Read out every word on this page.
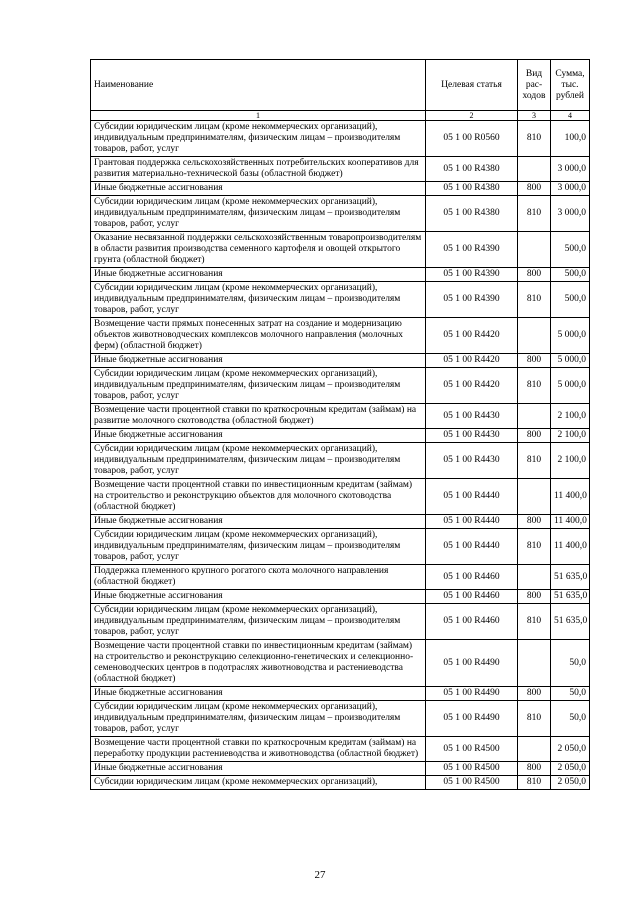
Наименование	Целевая статья	Вид рас-ходов	Сумма, тыс. рублей
1	2	3	4
Субсидии юридическим лицам (кроме некоммерческих организаций), индивидуальным предпринимателям, физическим лицам – производителям товаров, работ, услуг	05 1 00 R0560	810	100,0
Грантовая поддержка сельскохозяйственных потребительских кооперативов для развития материально-технической базы (областной бюджет)	05 1 00 R4380		3 000,0
Иные бюджетные ассигнования	05 1 00 R4380	800	3 000,0
Субсидии юридическим лицам (кроме некоммерческих организаций), индивидуальным предпринимателям, физическим лицам – производителям товаров, работ, услуг	05 1 00 R4380	810	3 000,0
Оказание несвязанной поддержки сельскохозяйственным товаропроизводителям в области развития производства семенного картофеля и овощей открытого грунта (областной бюджет)	05 1 00 R4390		500,0
Иные бюджетные ассигнования	05 1 00 R4390	800	500,0
Субсидии юридическим лицам (кроме некоммерческих организаций), индивидуальным предпринимателям, физическим лицам – производителям товаров, работ, услуг	05 1 00 R4390	810	500,0
Возмещение части прямых понесенных затрат на создание и модернизацию объектов животноводческих комплексов молочного направления (молочных ферм) (областной бюджет)	05 1 00 R4420		5 000,0
Иные бюджетные ассигнования	05 1 00 R4420	800	5 000,0
Субсидии юридическим лицам (кроме некоммерческих организаций), индивидуальным предпринимателям, физическим лицам – производителям товаров, работ, услуг	05 1 00 R4420	810	5 000,0
Возмещение части процентной ставки по краткосрочным кредитам (займам) на развитие молочного скотоводства (областной бюджет)	05 1 00 R4430		2 100,0
Иные бюджетные ассигнования	05 1 00 R4430	800	2 100,0
Субсидии юридическим лицам (кроме некоммерческих организаций), индивидуальным предпринимателям, физическим лицам – производителям товаров, работ, услуг	05 1 00 R4430	810	2 100,0
Возмещение части процентной ставки по инвестиционным кредитам (займам) на строительство и реконструкцию объектов для молочного скотоводства (областной бюджет)	05 1 00 R4440		11 400,0
Иные бюджетные ассигнования	05 1 00 R4440	800	11 400,0
Субсидии юридическим лицам (кроме некоммерческих организаций), индивидуальным предпринимателям, физическим лицам – производителям товаров, работ, услуг	05 1 00 R4440	810	11 400,0
Поддержка племенного крупного рогатого скота молочного направления (областной бюджет)	05 1 00 R4460		51 635,0
Иные бюджетные ассигнования	05 1 00 R4460	800	51 635,0
Субсидии юридическим лицам (кроме некоммерческих организаций), индивидуальным предпринимателям, физическим лицам – производителям товаров, работ, услуг	05 1 00 R4460	810	51 635,0
Возмещение части процентной ставки по инвестиционным кредитам (займам) на строительство и реконструкцию селекционно-генетических и селекционно-семеноводческих центров в подотраслях животноводства и растениеводства (областной бюджет)	05 1 00 R4490		50,0
Иные бюджетные ассигнования	05 1 00 R4490	800	50,0
Субсидии юридическим лицам (кроме некоммерческих организаций), индивидуальным предпринимателям, физическим лицам – производителям товаров, работ, услуг	05 1 00 R4490	810	50,0
Возмещение части процентной ставки по краткосрочным кредитам (займам) на переработку продукции растениеводства и животноводства (областной бюджет)	05 1 00 R4500		2 050,0
Иные бюджетные ассигнования	05 1 00 R4500	800	2 050,0
Субсидии юридическим лицам (кроме некоммерческих организаций),	05 1 00 R4500	810	2 050,0
27
